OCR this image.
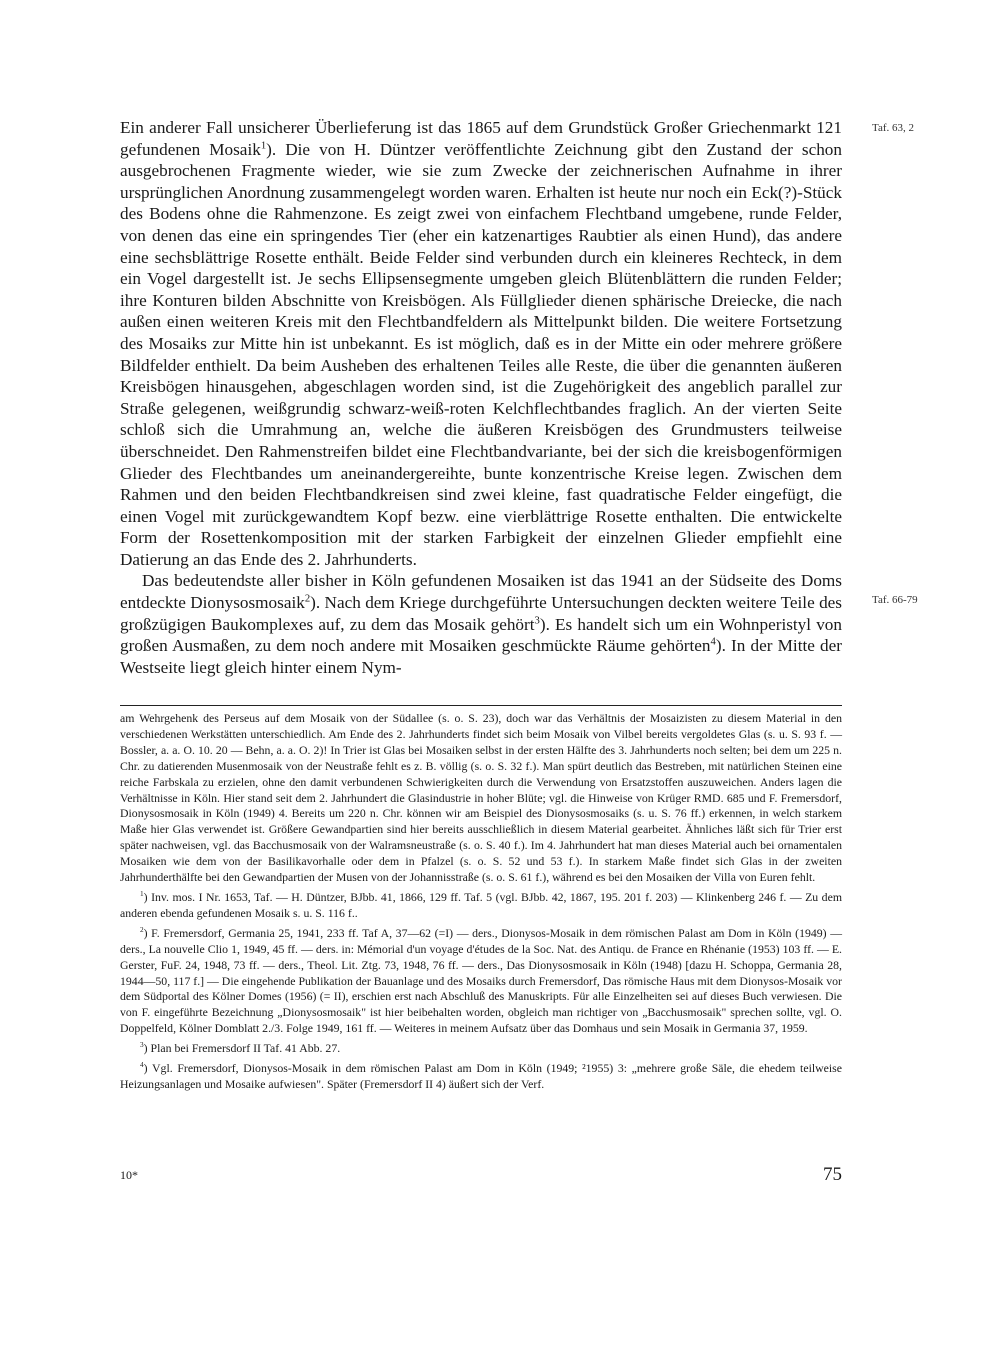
Taf. 63, 2
Taf. 66-79

Ein anderer Fall unsicherer Überlieferung ist das 1865 auf dem Grundstück Großer Griechenmarkt 121 gefundenen Mosaik$^1$). Die von H. Düntzer veröffentlichte Zeichnung gibt den Zustand der schon ausgebrochenen Fragmente wieder, wie sie zum Zwecke der zeichnerischen Aufnahme in ihrer ursprünglichen Anordnung zusammengelegt worden waren. Erhalten ist heute nur noch ein Eck(?)-Stück des Bodens ohne die Rahmenzone. Es zeigt zwei von einfachem Flechtband umgebene, runde Felder, von denen das eine ein springendes Tier (eher ein katzenartiges Raubtier als einen Hund), das andere eine sechsblättrige Rosette enthält. Beide Felder sind verbunden durch ein kleineres Rechteck, in dem ein Vogel dargestellt ist. Je sechs Ellipsensegmente umgeben gleich Blütenblättern die runden Felder; ihre Konturen bilden Abschnitte von Kreisbögen. Als Füllglieder dienen sphärische Dreiecke, die nach außen einen weiteren Kreis mit den Flechtbandfeldern als Mittelpunkt bilden. Die weitere Fortsetzung des Mosaiks zur Mitte hin ist unbekannt. Es ist möglich, daß es in der Mitte ein oder mehrere größere Bildfelder enthielt. Da beim Ausheben des erhaltenen Teiles alle Reste, die über die genannten äußeren Kreisbögen hinausgehen, abgeschlagen worden sind, ist die Zugehörigkeit des angeblich parallel zur Straße gelegenen, weißgrundig schwarz-weiß-roten Kelchflechtbandes fraglich. An der vierten Seite schloß sich die Umrahmung an, welche die äußeren Kreisbögen des Grundmusters teilweise überschneidet. Den Rahmenstreifen bildet eine Flechtbandvariante, bei der sich die kreisbogenförmigen Glieder des Flechtbandes um aneinandergereihte, bunte konzentrische Kreise legen. Zwischen dem Rahmen und den beiden Flechtbandkreisen sind zwei kleine, fast quadratische Felder eingefügt, die einen Vogel mit zurückgewandtem Kopf bezw. eine vierblättrige Rosette enthalten. Die entwickelte Form der Rosettenkomposition mit der starken Farbigkeit der einzelnen Glieder empfiehlt eine Datierung an das Ende des 2. Jahrhunderts.

Das bedeutendste aller bisher in Köln gefundenen Mosaiken ist das 1941 an der Südseite des Doms entdeckte Dionysosmosaik$^2$). Nach dem Kriege durchgeführte Untersuchungen deckten weitere Teile des großzügigen Baukomplexes auf, zu dem das Mosaik gehört$^3$). Es handelt sich um ein Wohnperistyl von großen Ausmaßen, zu dem noch andere mit Mosaiken geschmückte Räume gehörten$^4$). In der Mitte der Westseite liegt gleich hinter einem Nym-

am Wehrgehenk des Perseus auf dem Mosaik von der Südallee (s. o. S. 23), doch war das Verhältnis der Mosaizisten zu diesem Material in den verschiedenen Werkstätten unterschiedlich. Am Ende des 2. Jahrhunderts findet sich beim Mosaik von Vilbel bereits vergoldetes Glas (s. u. S. 93 f. — Bossler, a. a. O. 10. 20 — Behn, a. a. O. 2)! In Trier ist Glas bei Mosaiken selbst in der ersten Hälfte des 3. Jahrhunderts noch selten; bei dem um 225 n. Chr. zu datierenden Musenmosaik von der Neustraße fehlt es z. B. völlig (s. o. S. 32 f.). Man spürt deutlich das Bestreben, mit natürlichen Steinen eine reiche Farbskala zu erzielen, ohne den damit verbundenen Schwierigkeiten durch die Verwendung von Ersatzstoffen auszuweichen. Anders lagen die Verhältnisse in Köln. Hier stand seit dem 2. Jahrhundert die Glasindustrie in hoher Blüte; vgl. die Hinweise von Krüger RMD. 685 und F. Fremersdorf, Dionysosmosaik in Köln (1949) 4. Bereits um 220 n. Chr. können wir am Beispiel des Dionysosmosaiks (s. u. S. 76 ff.) erkennen, in welch starkem Maße hier Glas verwendet ist. Größere Gewandpartien sind hier bereits ausschließlich in diesem Material gearbeitet. Ähnliches läßt sich für Trier erst später nachweisen, vgl. das Bacchusmosaik von der Walramsneustraße (s. o. S. 40 f.). Im 4. Jahrhundert hat man dieses Material auch bei ornamentalen Mosaiken wie dem von der Basilikavorhalle oder dem in Pfalzel (s. o. S. 52 und 53 f.). In starkem Maße findet sich Glas in der zweiten Jahrhunderthälfte bei den Gewandpartien der Musen von der Johannisstraße (s. o. S. 61 f.), während es bei den Mosaiken der Villa von Euren fehlt.

$^1$) Inv. mos. I Nr. 1653, Taf. — H. Düntzer, BJbb. 41, 1866, 129 ff. Taf. 5 (vgl. BJbb. 42, 1867, 195. 201 f. 203) — Klinkenberg 246 f. — Zu dem anderen ebenda gefundenen Mosaik s. u. S. 116 f..

$^2$) F. Fremersdorf, Germania 25, 1941, 233 ff. Taf A, 37—62 (=I) — ders., Dionysos-Mosaik in dem römischen Palast am Dom in Köln (1949) — ders., La nouvelle Clio 1, 1949, 45 ff. — ders. in: Mémorial d'un voyage d'études de la Soc. Nat. des Antiqu. de France en Rhénanie (1953) 103 ff. — E. Gerster, FuF. 24, 1948, 73 ff. — ders., Theol. Lit. Ztg. 73, 1948, 76 ff. — ders., Das Dionysosmosaik in Köln (1948) [dazu H. Schoppa, Germania 28, 1944—50, 117 f.] — Die eingehende Publikation der Bauanlage und des Mosaiks durch Fremersdorf, Das römische Haus mit dem Dionysos-Mosaik vor dem Südportal des Kölner Domes (1956) (= II), erschien erst nach Abschluß des Manuskripts. Für alle Einzelheiten sei auf dieses Buch verwiesen. Die von F. eingeführte Bezeichnung „Dionysosmosaik" ist hier beibehalten worden, obgleich man richtiger von „Bacchusmosaik" sprechen sollte, vgl. O. Doppelfeld, Kölner Domblatt 2./3. Folge 1949, 161 ff. — Weiteres in meinem Aufsatz über das Domhaus und sein Mosaik in Germania 37, 1959.

$^3$) Plan bei Fremersdorf II Taf. 41 Abb. 27.

$^4$) Vgl. Fremersdorf, Dionysos-Mosaik in dem römischen Palast am Dom in Köln (1949; ²1955) 3: „mehrere große Säle, die ehedem teilweise Heizungsanlagen und Mosaike aufwiesen". Später (Fremersdorf II 4) äußert sich der Verf.

10*	75
